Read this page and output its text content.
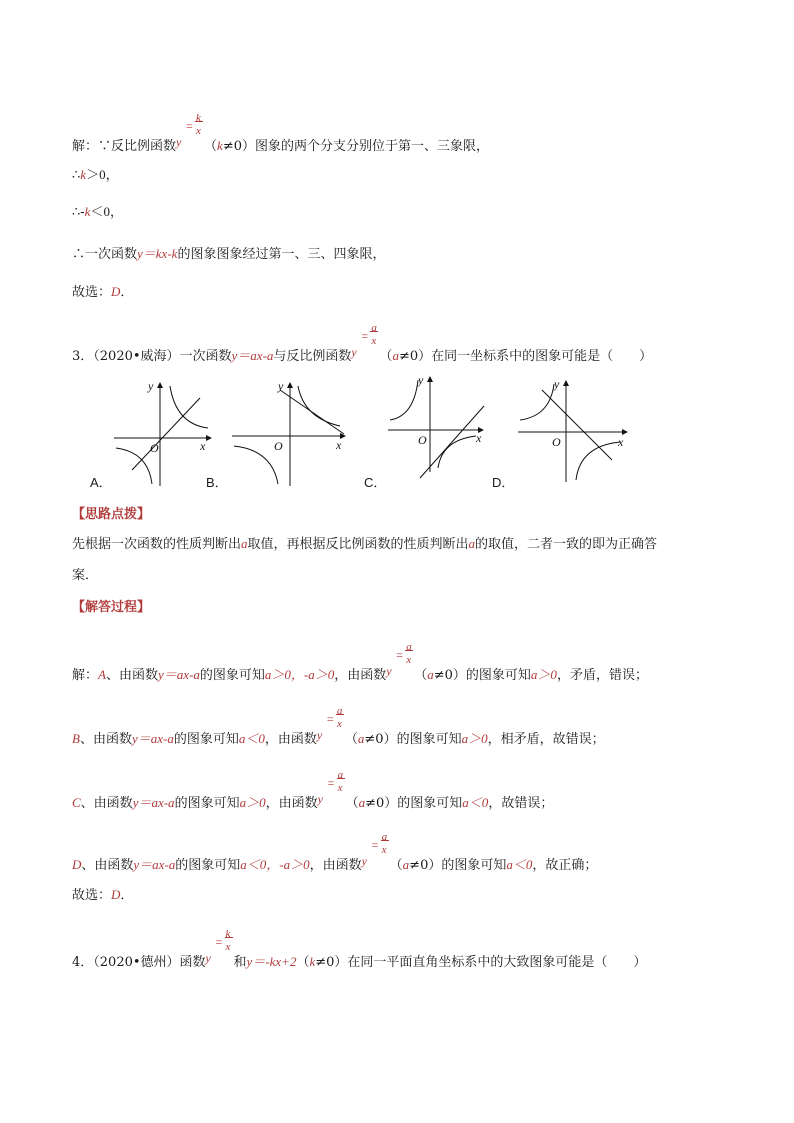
解：∵反比例函数
=
k
x
y （k≠0）图象的两个分支分别位于第一、三象限，
∴k＞0，
∴-k＜0，
∴一次函数y＝kx-k的图象图象经过第一、三、四象限，
故选：D．
3．（2020•威海）一次函数y＝ax-a与反比例函数
=
a
x
y （a≠0）在同一坐标系中的图象可能是（　　）
O	x
y
A．
O	x
y
B．
O	x
y
C．
O	x
y
D．
【思路点拨】
先根据一次函数的性质判断出a取值，再根据反比例函数的性质判断出a的取值，二者一致的即为正确答
案．
【解答过程】
解：A、由函数y＝ax-a的图象可知a＞0，-a＞0，由函数
=
a
x
y （a≠0）的图象可知a＞0，矛盾，错误；
B、由函数y＝ax-a的图象可知a＜0，由函数
=
a
x
y （a≠0）的图象可知a＞0，相矛盾，故错误；
C、由函数y＝ax-a的图象可知a＞0，由函数
=
a
x
y （a≠0）的图象可知a＜0，故错误；
D、由函数y＝ax-a的图象可知a＜0，-a＞0，由函数
=
a
x
y （a≠0）的图象可知a＜0，故正确；
故选：D．
4．（2020•德州）函数
=
k
x
y 和y＝-kx+2（k≠0）在同一平面直角坐标系中的大致图象可能是（　　）
